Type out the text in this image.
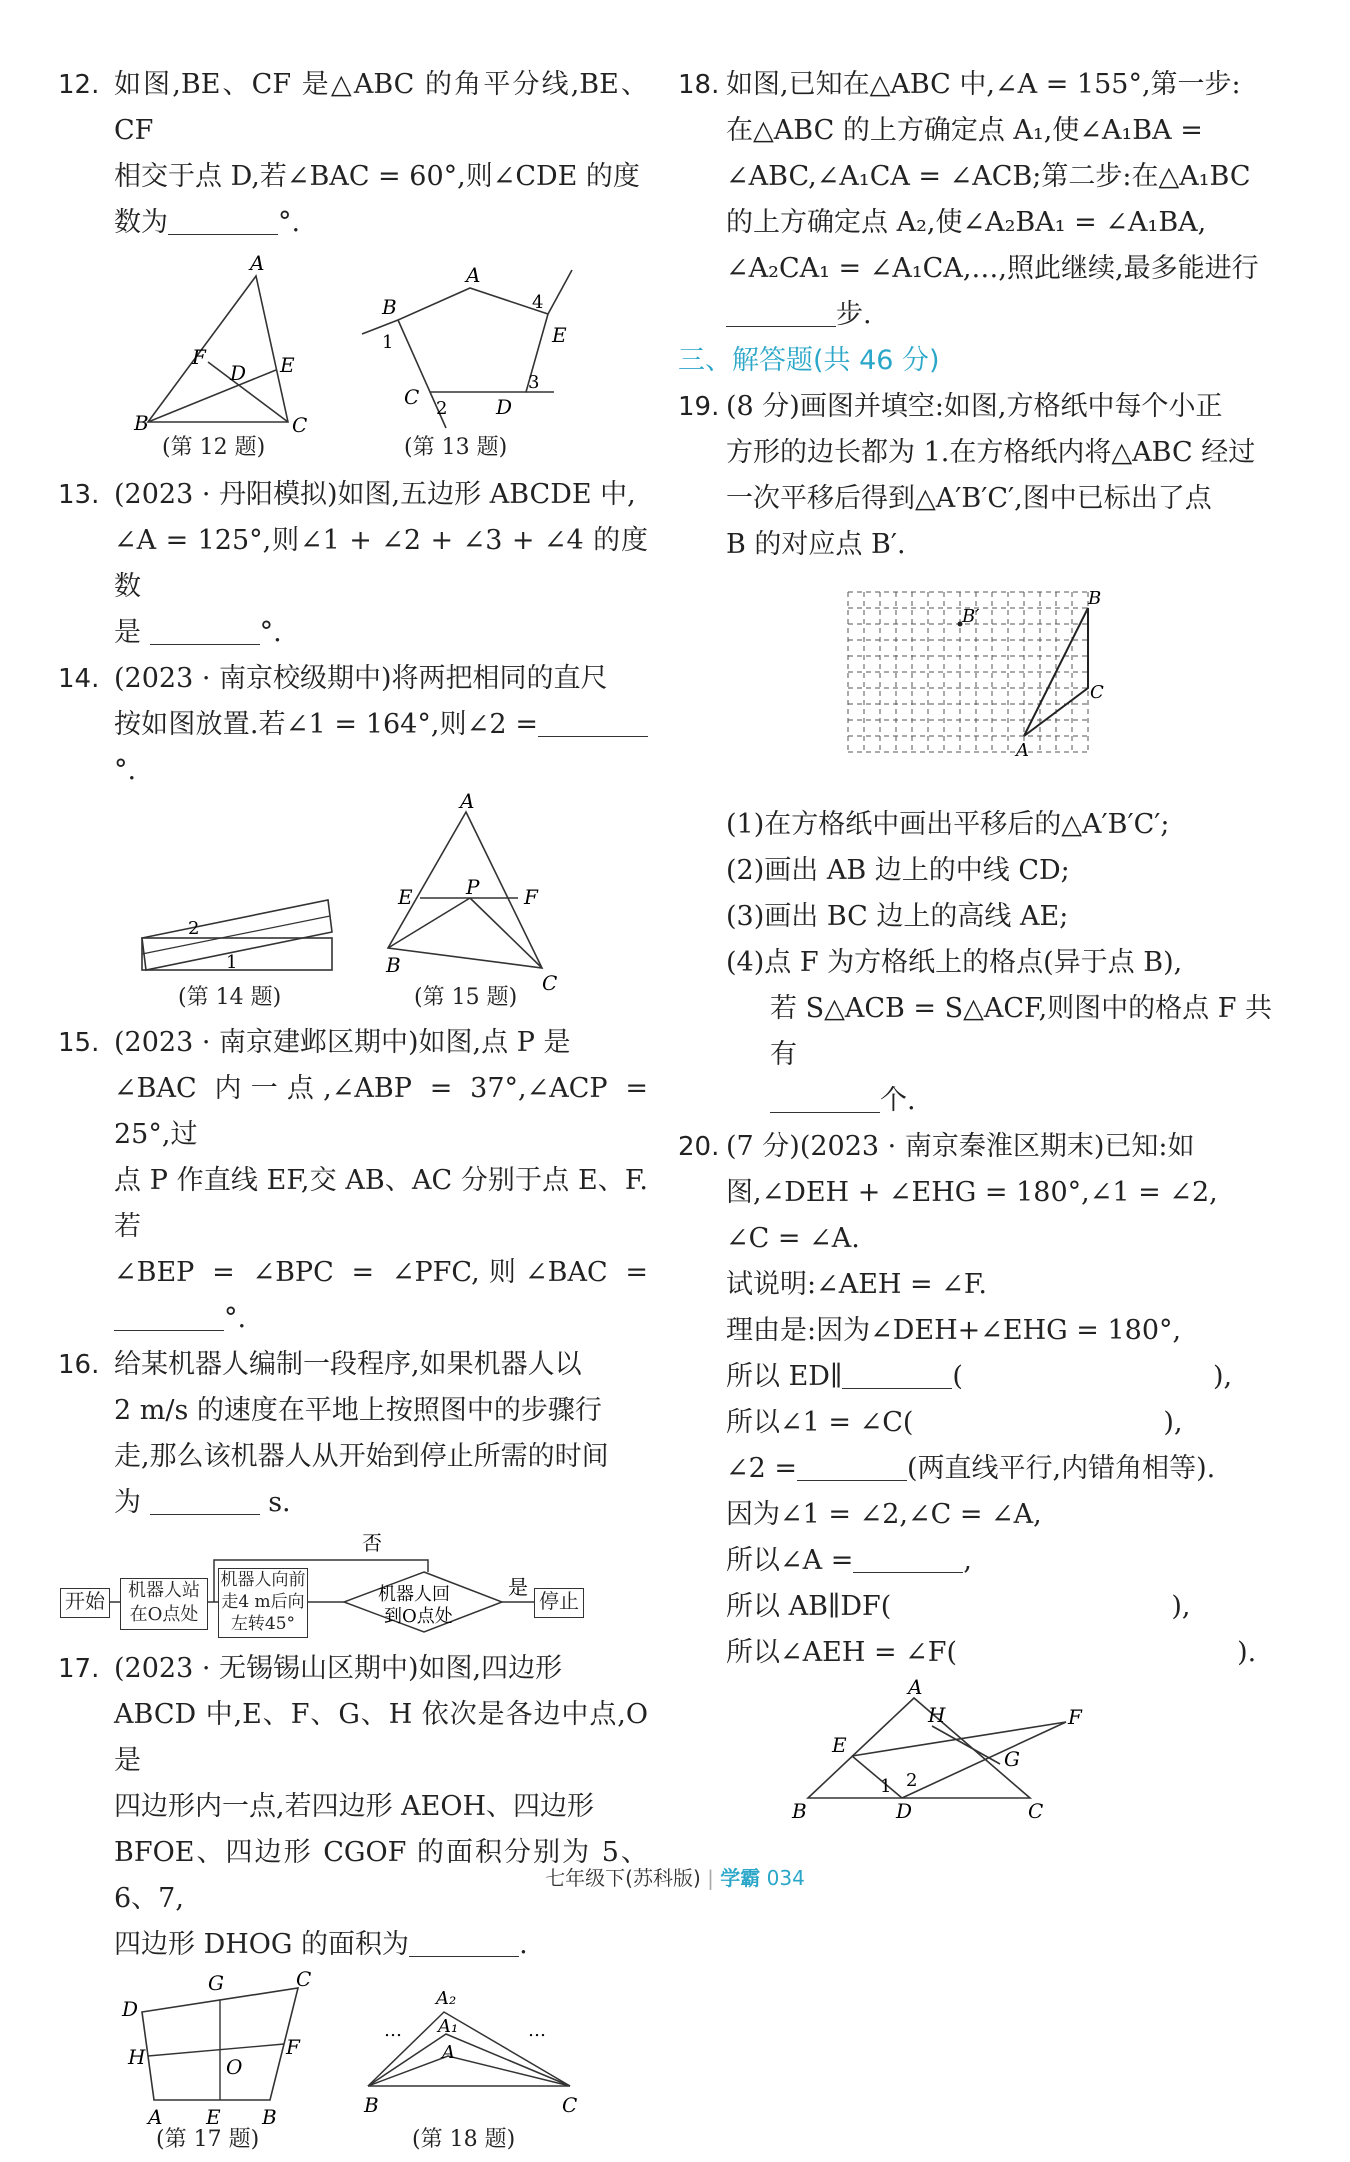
12. 如图,BE、CF 是△ABC 的角平分线,BE、CF
相交于点 D,若∠BAC = 60°,则∠CDE 的度
数为	°.
A
B	C
D E
F
A
B
C	D
E
1
2
3
4
(第 12 题)	(第 13 题)
13. (2023 · 丹阳模拟)如图,五边形 ABCDE 中,
∠A = 125°,则∠1 + ∠2 + ∠3 + ∠4 的度数
是	°.
14. (2023 · 南京校级期中)将两把相同的直尺
按如图放置.若∠1 = 164°,则∠2 =°.
2
1
A
B
C
E	F
P
(第 14 题)	(第 15 题)
15. (2023 · 南京建邺区期中)如图,点 P 是
∠BAC 内一点,∠ABP = 37°,∠ACP = 25°,过
点 P 作直线 EF,交 AB、AC 分别于点 E、F.若
∠BEP = ∠BPC = ∠PFC,则∠BAC =°.
16. 给某机器人编制一段程序,如果机器人以
2 m/s 的速度在平地上按照图中的步骤行
走,那么该机器人从开始到停止所需的时间
为	s.
否
是
机器人回
到O点处
开始	机器人站在O点处
机器人向前走4 m后向左转45°
停止
17. (2023 · 无锡锡山区期中)如图,四边形
ABCD 中,E、F、G、H 依次是各边中点,O 是
四边形内一点,若四边形 AEOH、四边形
BFOE、四边形 CGOF 的面积分别为 5、6、7,
四边形 DHOG 的面积为	.
D
G	C
H	O
F
A E B
A₂
A₁
A
B	C
…	…
(第 17 题)	(第 18 题)
18. 如图,已知在△ABC 中,∠A = 155°,第一步:
在△ABC 的上方确定点 A₁,使∠A₁BA =
∠ABC,∠A₁CA = ∠ACB;第二步:在△A₁BC
的上方确定点 A₂,使∠A₂BA₁ = ∠A₁BA,
∠A₂CA₁ = ∠A₁CA,…,照此继续,最多能进行
步.
三、解答题(共 46 分)
19. (8 分)画图并填空:如图,方格纸中每个小正
方形的边长都为 1.在方格纸内将△ABC 经过
一次平移后得到△A′B′C′,图中已标出了点
B 的对应点 B′.
A
B
C
B′
(1)在方格纸中画出平移后的△A′B′C′;
(2)画出 AB 边上的中线 CD;
(3)画出 BC 边上的高线 AE;
(4)点 F 为方格纸上的格点(异于点 B),
若 S△ACB = S△ACF,则图中的格点 F 共有
个.
20. (7 分)(2023 · 南京秦淮区期末)已知:如
图,∠DEH + ∠EHG = 180°,∠1 = ∠2,
∠C = ∠A.
试说明:∠AEH = ∠F.
理由是:因为∠DEH+∠EHG = 180°,
所以 ED∥	(	),
所以∠1 = ∠C(	),
∠2 =	(两直线平行,内错角相等).
因为∠1 = ∠2,∠C = ∠A,
所以∠A =	,
所以 AB∥DF(	),
所以∠AEH = ∠F(	).
A
B	C
D
E
F
G
H
1 2
七年级下(苏科版) | 学霸 034
